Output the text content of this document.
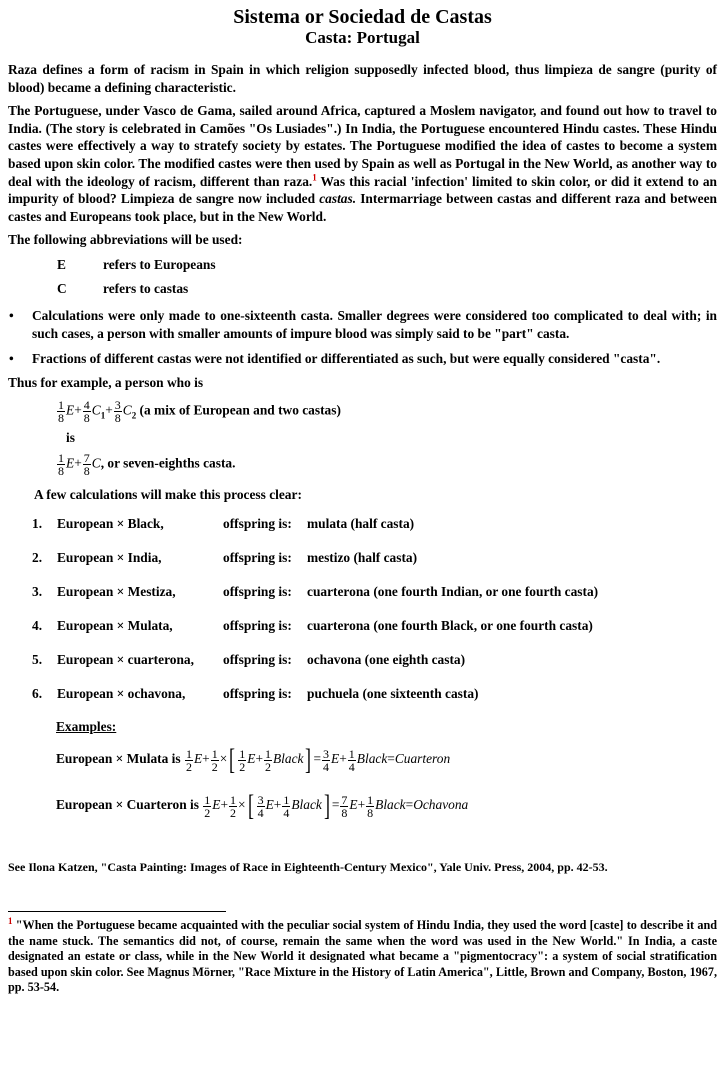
Sistema or Sociedad de Castas
Casta: Portugal

Raza defines a form of racism in Spain in which religion supposedly infected blood, thus limpieza de sangre (purity of blood) became a defining characteristic.

The Portuguese, under Vasco de Gama, sailed around Africa, captured a Moslem navigator, and found out how to travel to India. (The story is celebrated in Camões "Os Lusiades".) In India, the Portuguese encountered Hindu castes. These Hindu castes were effectively a way to stratefy society by estates. The Portuguese modified the idea of castes to become a system based upon skin color. The modified castes were then used by Spain as well as Portugal in the New World, as another way to deal with the ideology of racism, different than raza.$^1$ Was this racial 'infection' limited to skin color, or did it extend to an impurity of blood? Limpieza de sangre now included castas. Intermarriage between castas and different raza and between castes and Europeans took place, but in the New World.

The following abbreviations will be used:

E	refers to Europeans
C	refers to castas
• Calculations were only made to one-sixteenth casta. Smaller degrees were considered too complicated to deal with; in such cases, a person with smaller amounts of impure blood was simply said to be "part" casta.
• Fractions of different castas were not identified or differentiated as such, but were equally considered "casta".

Thus for example, a person who is

$\frac{1}{8} E+ \frac{4}{8} C_1+ \frac{3}{8} C_2$ (a mix of European and two castas)
is
$\frac{1}{8} E+ \frac{7}{8} C$, or seven-eighths casta.
A few calculations will make this process clear:
1. European × Black,	offspring is: mulata (half casta)
2. European × India,	offspring is: mestizo (half casta)
3. European × Mestiza,	offspring is: cuarterona (one fourth Indian, or one fourth casta)
4. European × Mulata,	offspring is: cuarterona (one fourth Black, or one fourth casta)
5. European × cuarterona, offspring is: ochavona (one eighth casta)
6. European × ochavona,	offspring is: puchuela (one sixteenth casta)
Examples:
European × Mulata is $\frac{1}{2} E+ \frac{1}{2}$ ×[ $\frac{1}{2} E+ \frac{1}{2}$ Black] = $\frac{3}{4} E+ \frac{1}{4}$ Black=Cuarteron
European × Cuarteron is $\frac{1}{2} E+ \frac{1}{2}$ ×[ $\frac{3}{4} E+ \frac{1}{4}$ Black] = $\frac{7}{8} E+ \frac{1}{8}$ Black=Ochavona

See Ilona Katzen, "Casta Painting: Images of Race in Eighteenth-Century Mexico", Yale Univ. Press, 2004, pp. 42-53.

$^1$ "When the Portuguese became acquainted with the peculiar social system of Hindu India, they used the word [caste] to describe it and the name stuck. The semantics did not, of course, remain the same when the word was used in the New World." In India, a caste designated an estate or class, while in the New World it designated what became a "pigmentocracy": a system of social stratification based upon skin color. See Magnus Mörner, "Race Mixture in the History of Latin America", Little, Brown and Company, Boston, 1967, pp. 53-54.
